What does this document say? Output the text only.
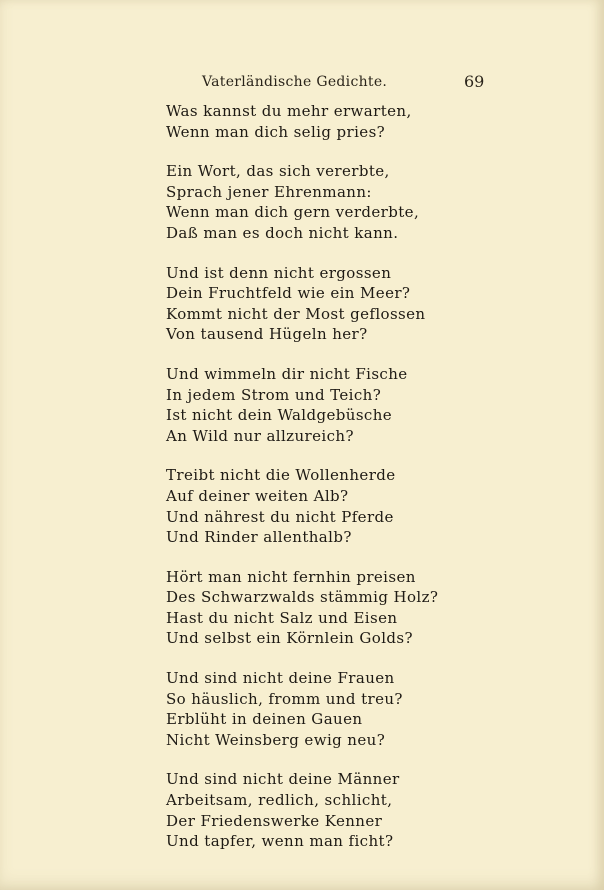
Vaterländische Gedichte.	69
Was kannst du mehr erwarten,
Wenn man dich selig pries?
Ein Wort, das sich vererbte,
Sprach jener Ehrenmann:
Wenn man dich gern verderbte,
Daß man es doch nicht kann.
Und ist denn nicht ergossen
Dein Fruchtfeld wie ein Meer?
Kommt nicht der Most geflossen
Von tausend Hügeln her?
Und wimmeln dir nicht Fische
In jedem Strom und Teich?
Ist nicht dein Waldgebüsche
An Wild nur allzureich?
Treibt nicht die Wollenherde
Auf deiner weiten Alb?
Und nährest du nicht Pferde
Und Rinder allenthalb?
Hört man nicht fernhin preisen
Des Schwarzwalds stämmig Holz?
Hast du nicht Salz und Eisen
Und selbst ein Körnlein Golds?
Und sind nicht deine Frauen
So häuslich, fromm und treu?
Erblüht in deinen Gauen
Nicht Weinsberg ewig neu?
Und sind nicht deine Männer
Arbeitsam, redlich, schlicht,
Der Friedenswerke Kenner
Und tapfer, wenn man ficht?
